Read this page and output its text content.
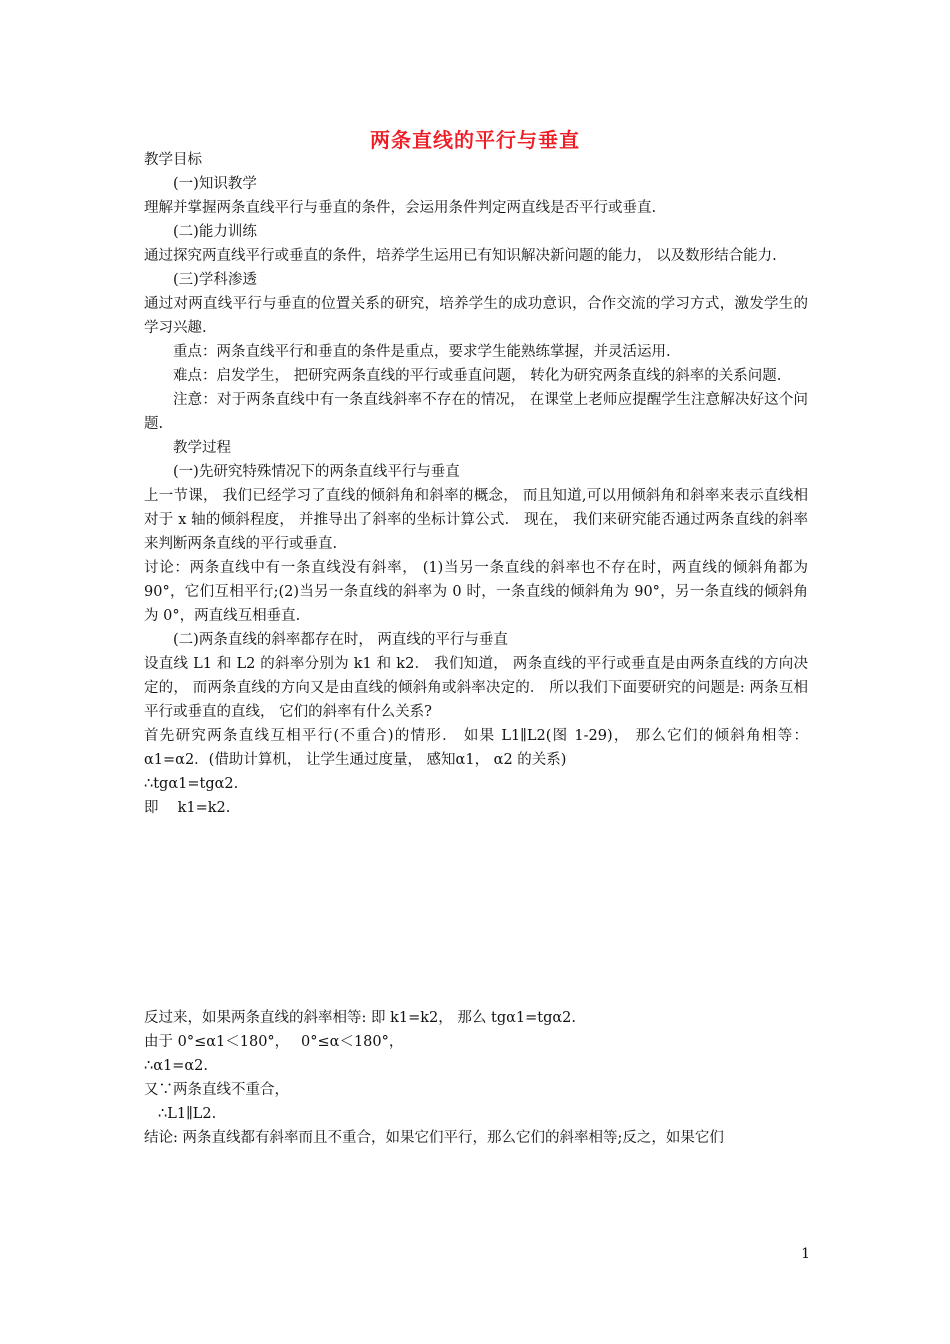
两条直线的平行与垂直

教学目标

(一)知识教学

理解并掌握两条直线平行与垂直的条件，会运用条件判定两直线是否平行或垂直.

(二)能力训练

通过探究两直线平行或垂直的条件，培养学生运用已有知识解决新问题的能力， 以及数形结合能力.

(三)学科渗透

通过对两直线平行与垂直的位置关系的研究，培养学生的成功意识，合作交流的学习方式，激发学生的学习兴趣.

重点：两条直线平行和垂直的条件是重点，要求学生能熟练掌握，并灵活运用.

难点：启发学生， 把研究两条直线的平行或垂直问题， 转化为研究两条直线的斜率的关系问题.

注意：对于两条直线中有一条直线斜率不存在的情况， 在课堂上老师应提醒学生注意解决好这个问题.

教学过程

(一)先研究特殊情况下的两条直线平行与垂直

上一节课， 我们已经学习了直线的倾斜角和斜率的概念， 而且知道,可以用倾斜角和斜率来表示直线相对于 x 轴的倾斜程度， 并推导出了斜率的坐标计算公式． 现在， 我们来研究能否通过两条直线的斜率来判断两条直线的平行或垂直.

讨论：两条直线中有一条直线没有斜率， (1)当另一条直线的斜率也不存在时，两直线的倾斜角都为 90°，它们互相平行;(2)当另一条直线的斜率为 0 时，一条直线的倾斜角为 90°，另一条直线的倾斜角为 0°，两直线互相垂直.

(二)两条直线的斜率都存在时， 两直线的平行与垂直

设直线 L1 和 L2 的斜率分别为 k1 和 k2． 我们知道， 两条直线的平行或垂直是由两条直线的方向决定的， 而两条直线的方向又是由直线的倾斜角或斜率决定的． 所以我们下面要研究的问题是: 两条互相平行或垂直的直线， 它们的斜率有什么关系?

首先研究两条直线互相平行(不重合)的情形． 如果 L1∥L2(图 1-29)， 那么它们的倾斜角相等： α1=α2．(借助计算机， 让学生通过度量， 感知α1， α2 的关系)

∴tgα1=tgα2.

即　 k1=k2.

反过来，如果两条直线的斜率相等: 即 k1=k2， 那么 tgα1=tgα2.

由于 0°≤α1＜180°，　 0°≤α＜180°，

∴α1=α2.

又∵两条直线不重合，

∴L1∥L2.

结论: 两条直线都有斜率而且不重合，如果它们平行，那么它们的斜率相等;反之，如果它们

1
